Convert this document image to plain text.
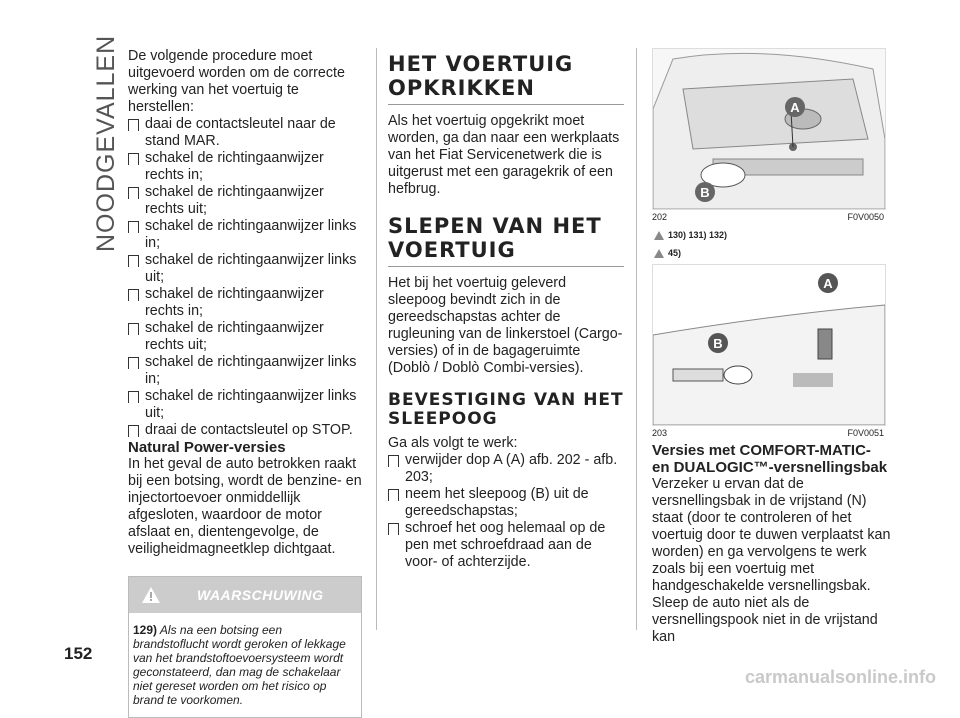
NOODGEVALLEN De volgende procedure moet uitgevoerd worden om de correcte werking van het voertuig te herstellen:

daai de contactsleutel naar de stand MAR.
schakel de richtingaanwijzer rechts in;
schakel de richtingaanwijzer rechts uit;
schakel de richtingaanwijzer links in;
schakel de richtingaanwijzer links uit;
schakel de richtingaanwijzer rechts in;
schakel de richtingaanwijzer rechts uit;
schakel de richtingaanwijzer links in;
schakel de richtingaanwijzer links uit;
draai de contactsleutel op STOP.

Natural Power-versies

In het geval de auto betrokken raakt bij een botsing, wordt de benzine- en injectortoevoer onmiddellijk afgesloten, waardoor de motor afslaat en, dientengevolge, de veiligheidmagneetklep dichtgaat.

WAARSCHUWING
129) Als na een botsing een brandstoflucht wordt geroken of lekkage van het brandstoftoevoersysteem wordt geconstateerd, dan mag de schakelaar niet gereset worden om het risico op brand te voorkomen.
HET VOERTUIG OPKRIKKEN

Als het voertuig opgekrikt moet worden, ga dan naar een werkplaats van het Fiat Servicenetwerk die is uitgerust met een garagekrik of een hefbrug.

SLEPEN VAN HET VOERTUIG

Het bij het voertuig geleverd sleepoog bevindt zich in de gereedschapstas achter de rugleuning van de linkerstoel (Cargo-versies) of in de bagageruimte (Doblò / Doblò Combi-versies).

BEVESTIGING VAN HET SLEEPOOG

Ga als volgt te werk:

verwijder dop A (A) afb. 202 - afb. 203;
neem het sleepoog (B) uit de gereedschapstas;
schroef het oog helemaal op de pen met schroefdraad aan de voor- of achterzijde.
A
B
202	F0V0050
130) 131) 132)
45)
A
B
203	F0V0051

Versies met COMFORT-MATIC- en DUALOGIC™-versnellingsbak

Verzeker u ervan dat de versnellingsbak in de vrijstand (N) staat (door te controleren of het voertuig door te duwen verplaatst kan worden) en ga vervolgens te werk zoals bij een voertuig met handgeschakelde versnellingsbak.

Sleep de auto niet als de versnellingspook niet in de vrijstand kan

152
carmanualsonline.info
